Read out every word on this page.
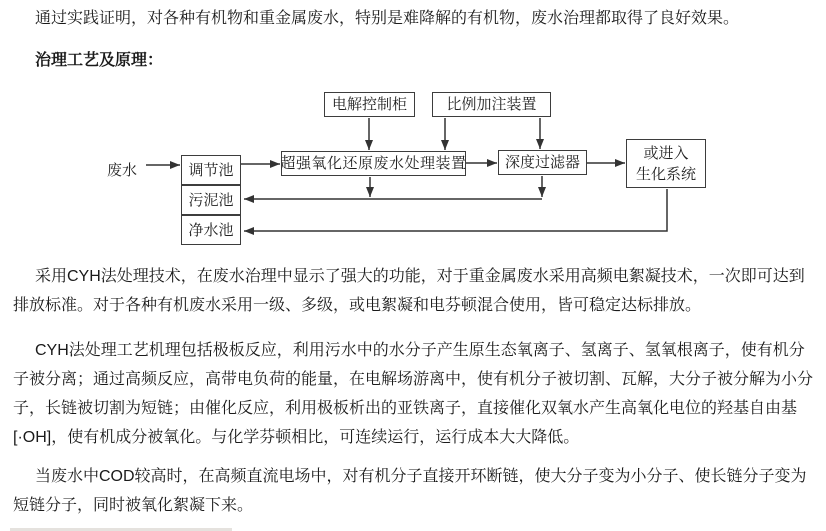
通过实践证明，对各种有机物和重金属废水，特别是难降解的有机物，废水治理都取得了良好效果。

治理工艺及原理：

废水
电解控制柜	比例加注装置
超强氧化还原废水处理装置	深度过滤器
或进入
生化系统
调节池
污泥池
净水池

采用CYH法处理技术，在废水治理中显示了强大的功能，对于重金属废水采用高频电絮凝技术，一次即可达到排放标准。对于各种有机废水采用一级、多级，或电絮凝和电芬顿混合使用，皆可稳定达标排放。

CYH法处理工艺机理包括极板反应，利用污水中的水分子产生原生态氧离子、氢离子、氢氧根离子，使有机分子被分离；通过高频反应，高带电负荷的能量，在电解场游离中，使有机分子被切割、瓦解，大分子被分解为小分子，长链被切割为短链；由催化反应，利用极板析出的亚铁离子，直接催化双氧水产生高氧化电位的羟基自由基[·OH]，使有机成分被氧化。与化学芬顿相比，可连续运行，运行成本大大降低。

当废水中COD较高时，在高频直流电场中，对有机分子直接开环断链，使大分子变为小分子、使长链分子变为短链分子，同时被氧化絮凝下来。
